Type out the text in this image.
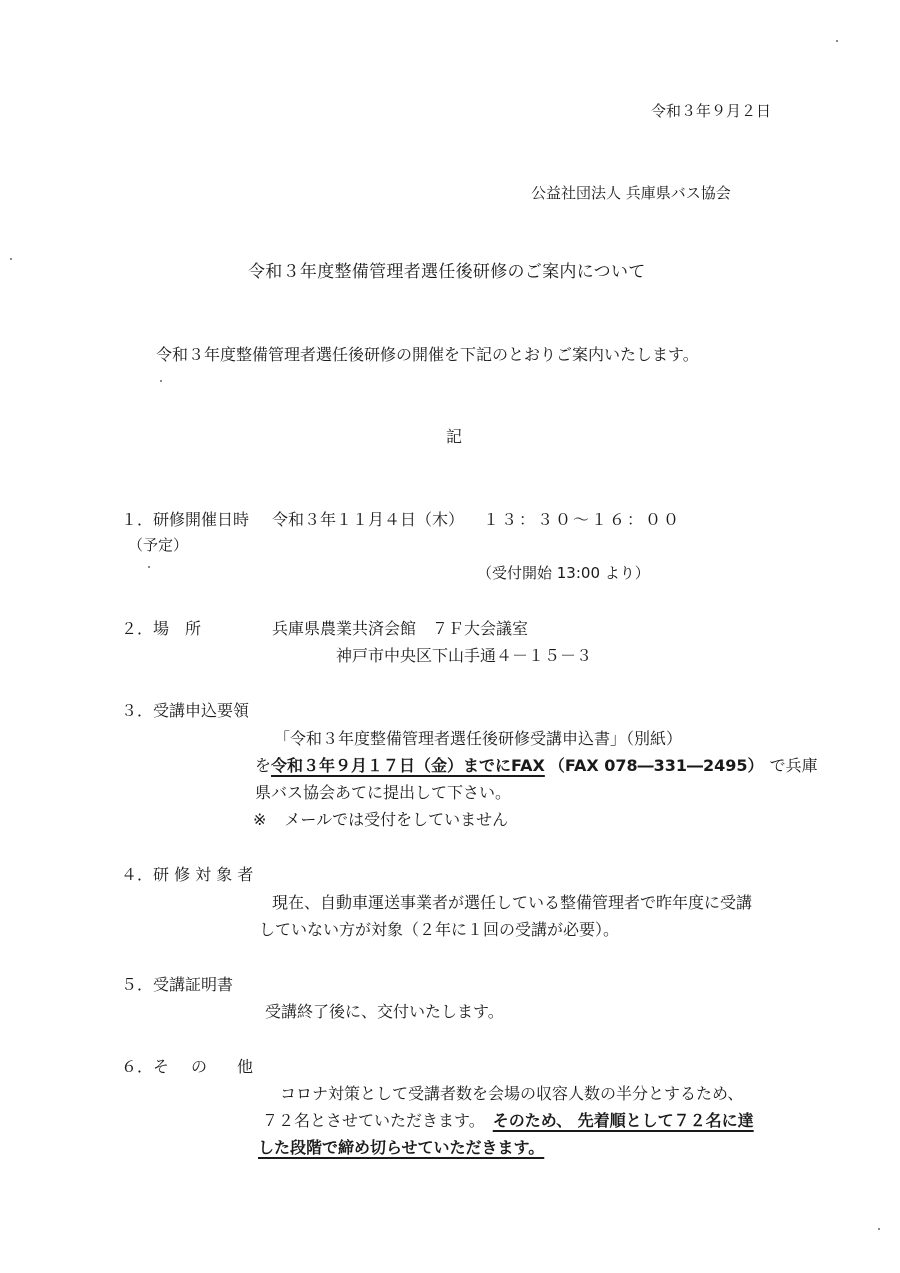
令和３年９月２日
公益社団法人 兵庫県バス協会
令和３年度整備管理者選任後研修のご案内について
令和３年度整備管理者選任後研修の開催を下記のとおりご案内いたします。
記
１．研修開催日時 令和３年１１月４日（木） １３：３０～１６：００
（予定）
（受付開始 13:00 より）
２．場　所	兵庫県農業共済会館　７Ｆ大会議室
神戸市中央区下山手通４－１５－３
３．受講申込要領
「令和３年度整備管理者選任後研修受講申込書」（別紙）
を令和３年９月１７日（金）までにFAX （FAX 078―331―2495） で兵庫
県バス協会あてに提出して下さい。
※ メールでは受付をしていません
４．研 修 対 象 者
現在、自動車運送事業者が選任している整備管理者で昨年度に受講
していない方が対象（２年に１回の受講が必要）。
５．受講証明書
受講終了後に、交付いたします。
６．そ の 他
コロナ対策として受講者数を会場の収容人数の半分とするため、
７２名とさせていただきます。 そのため、 先着順として７２名に達
した段階で締め切らせていただきます。
